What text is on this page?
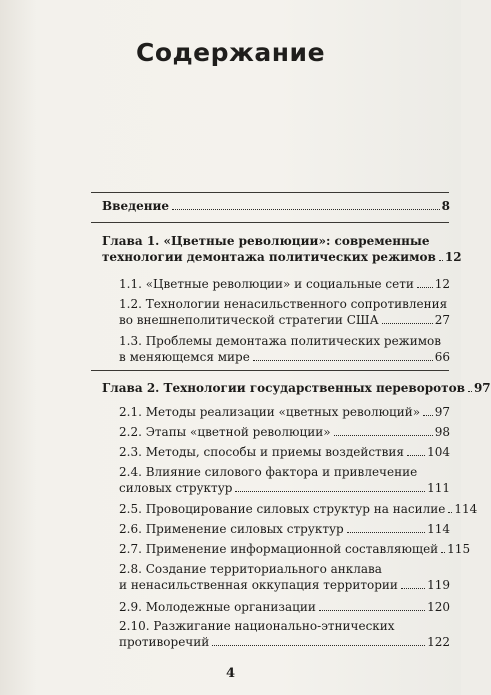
Содержание
Введение	8
Глава 1. «Цветные революции»: современные
технологии демонтажа политических режимов 12
1.1. «Цветные революции» и социальные сети 12
1.2. Технологии ненасильственного сопротивления
во внешнеполитической стратегии США	27
1.3. Проблемы демонтажа политических режимов
в меняющемся мире	66
Глава 2. Технологии государственных переворотов 97
2.1. Методы реализации «цветных революций» 97
2.2. Этапы «цветной революции»	98
2.3. Методы, способы и приемы воздействия 104
2.4. Влияние силового фактора и привлечение
силовых структур	111
2.5. Провоцирование силовых структур на насилие 114
2.6. Применение силовых структур	114
2.7. Применение информационной составляющей 115
2.8. Создание территориального анклава
и ненасильственная оккупация территории 119
2.9. Молодежные организации	120
2.10. Разжигание национально-этнических
противоречий	122
4
